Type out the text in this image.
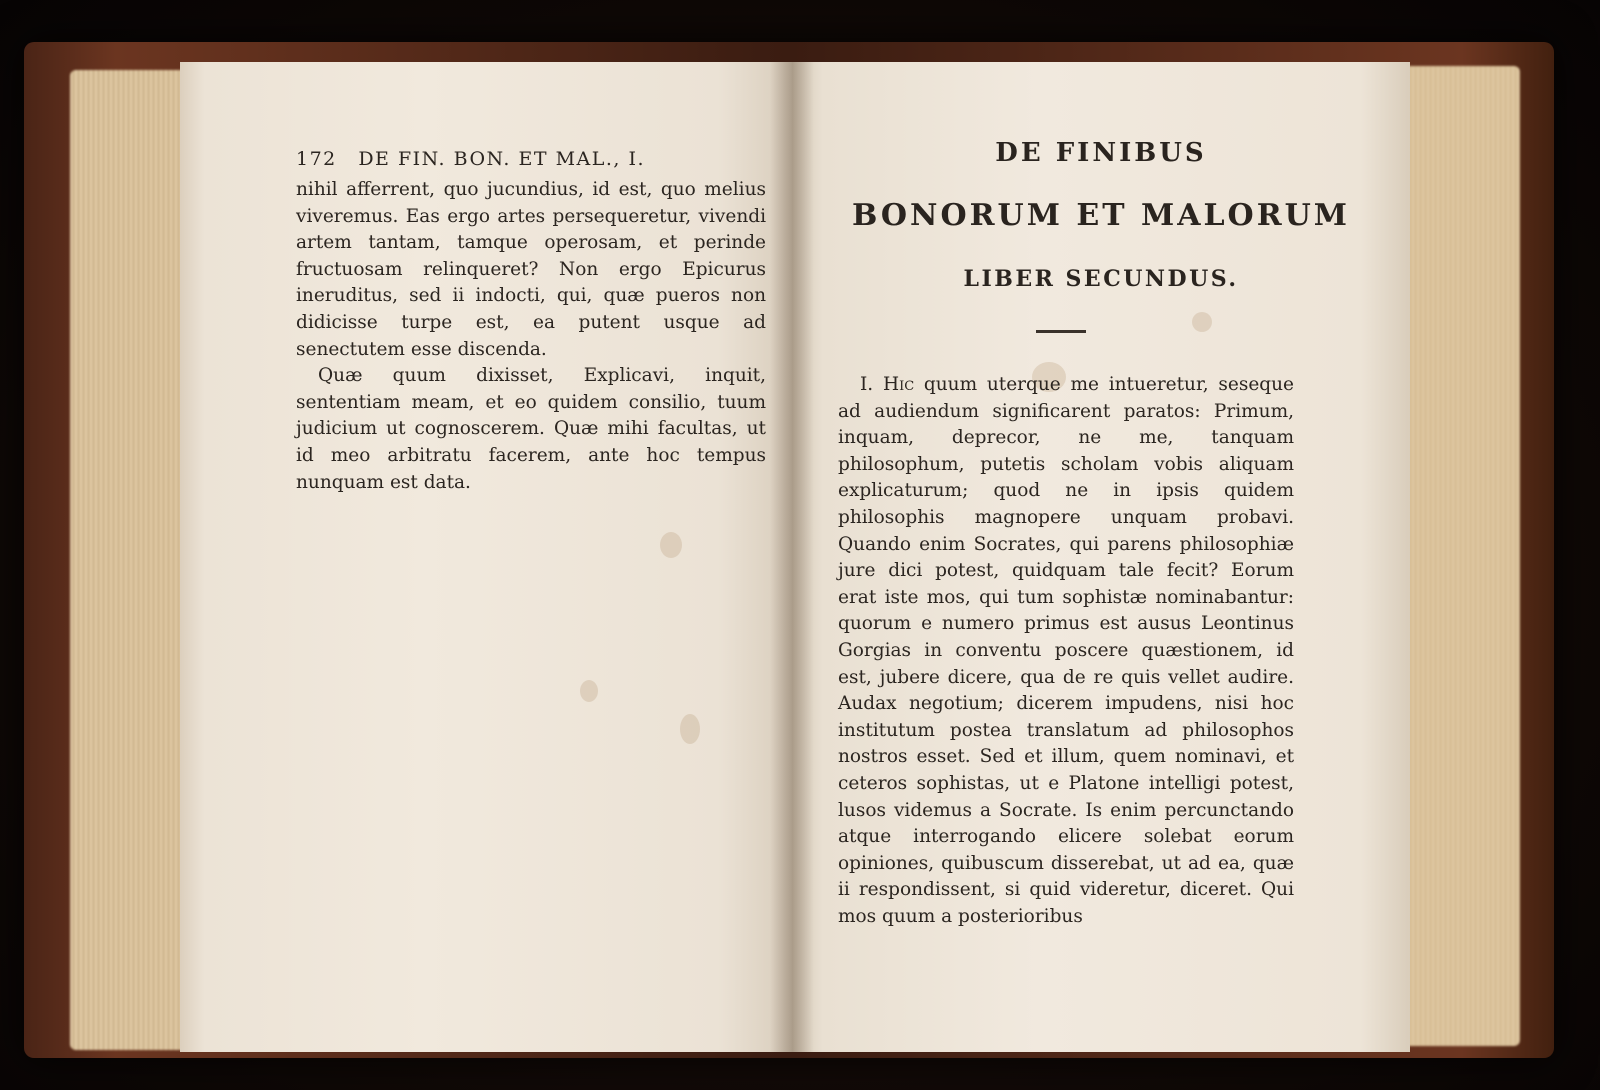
172 DE FIN. BON. ET MAL., I.

nihil afferrent, quo jucundius, id est, quo melius viveremus. Eas ergo artes persequeretur, vivendi artem tantam, tamque operosam, et perinde fructuosam relinqueret? Non ergo Epicurus ineruditus, sed ii indocti, qui, quæ pueros non didicisse turpe est, ea putent usque ad senectutem esse discenda.

Quæ quum dixisset, Explicavi, inquit, sententiam meam, et eo quidem consilio, tuum judicium ut cognoscerem. Quæ mihi facultas, ut id meo arbitratu facerem, ante hoc tempus nunquam est data.

DE FINIBUS
BONORUM ET MALORUM
LIBER SECUNDUS.

I. Hic quum uterque me intueretur, seseque ad audiendum significarent paratos: Primum, inquam, deprecor, ne me, tanquam philosophum, putetis scholam vobis aliquam explicaturum; quod ne in ipsis quidem philosophis magnopere unquam probavi. Quando enim Socrates, qui parens philosophiæ jure dici potest, quidquam tale fecit? Eorum erat iste mos, qui tum sophistæ nominabantur: quorum e numero primus est ausus Leontinus Gorgias in conventu poscere quæstionem, id est, jubere dicere, qua de re quis vellet audire. Audax negotium; dicerem impudens, nisi hoc institutum postea translatum ad philosophos nostros esset. Sed et illum, quem nominavi, et ceteros sophistas, ut e Platone intelligi potest, lusos videmus a Socrate. Is enim percunctando atque interrogando elicere solebat eorum opiniones, quibuscum disserebat, ut ad ea, quæ ii respondissent, si quid videretur, diceret. Qui mos quum a posterioribus
